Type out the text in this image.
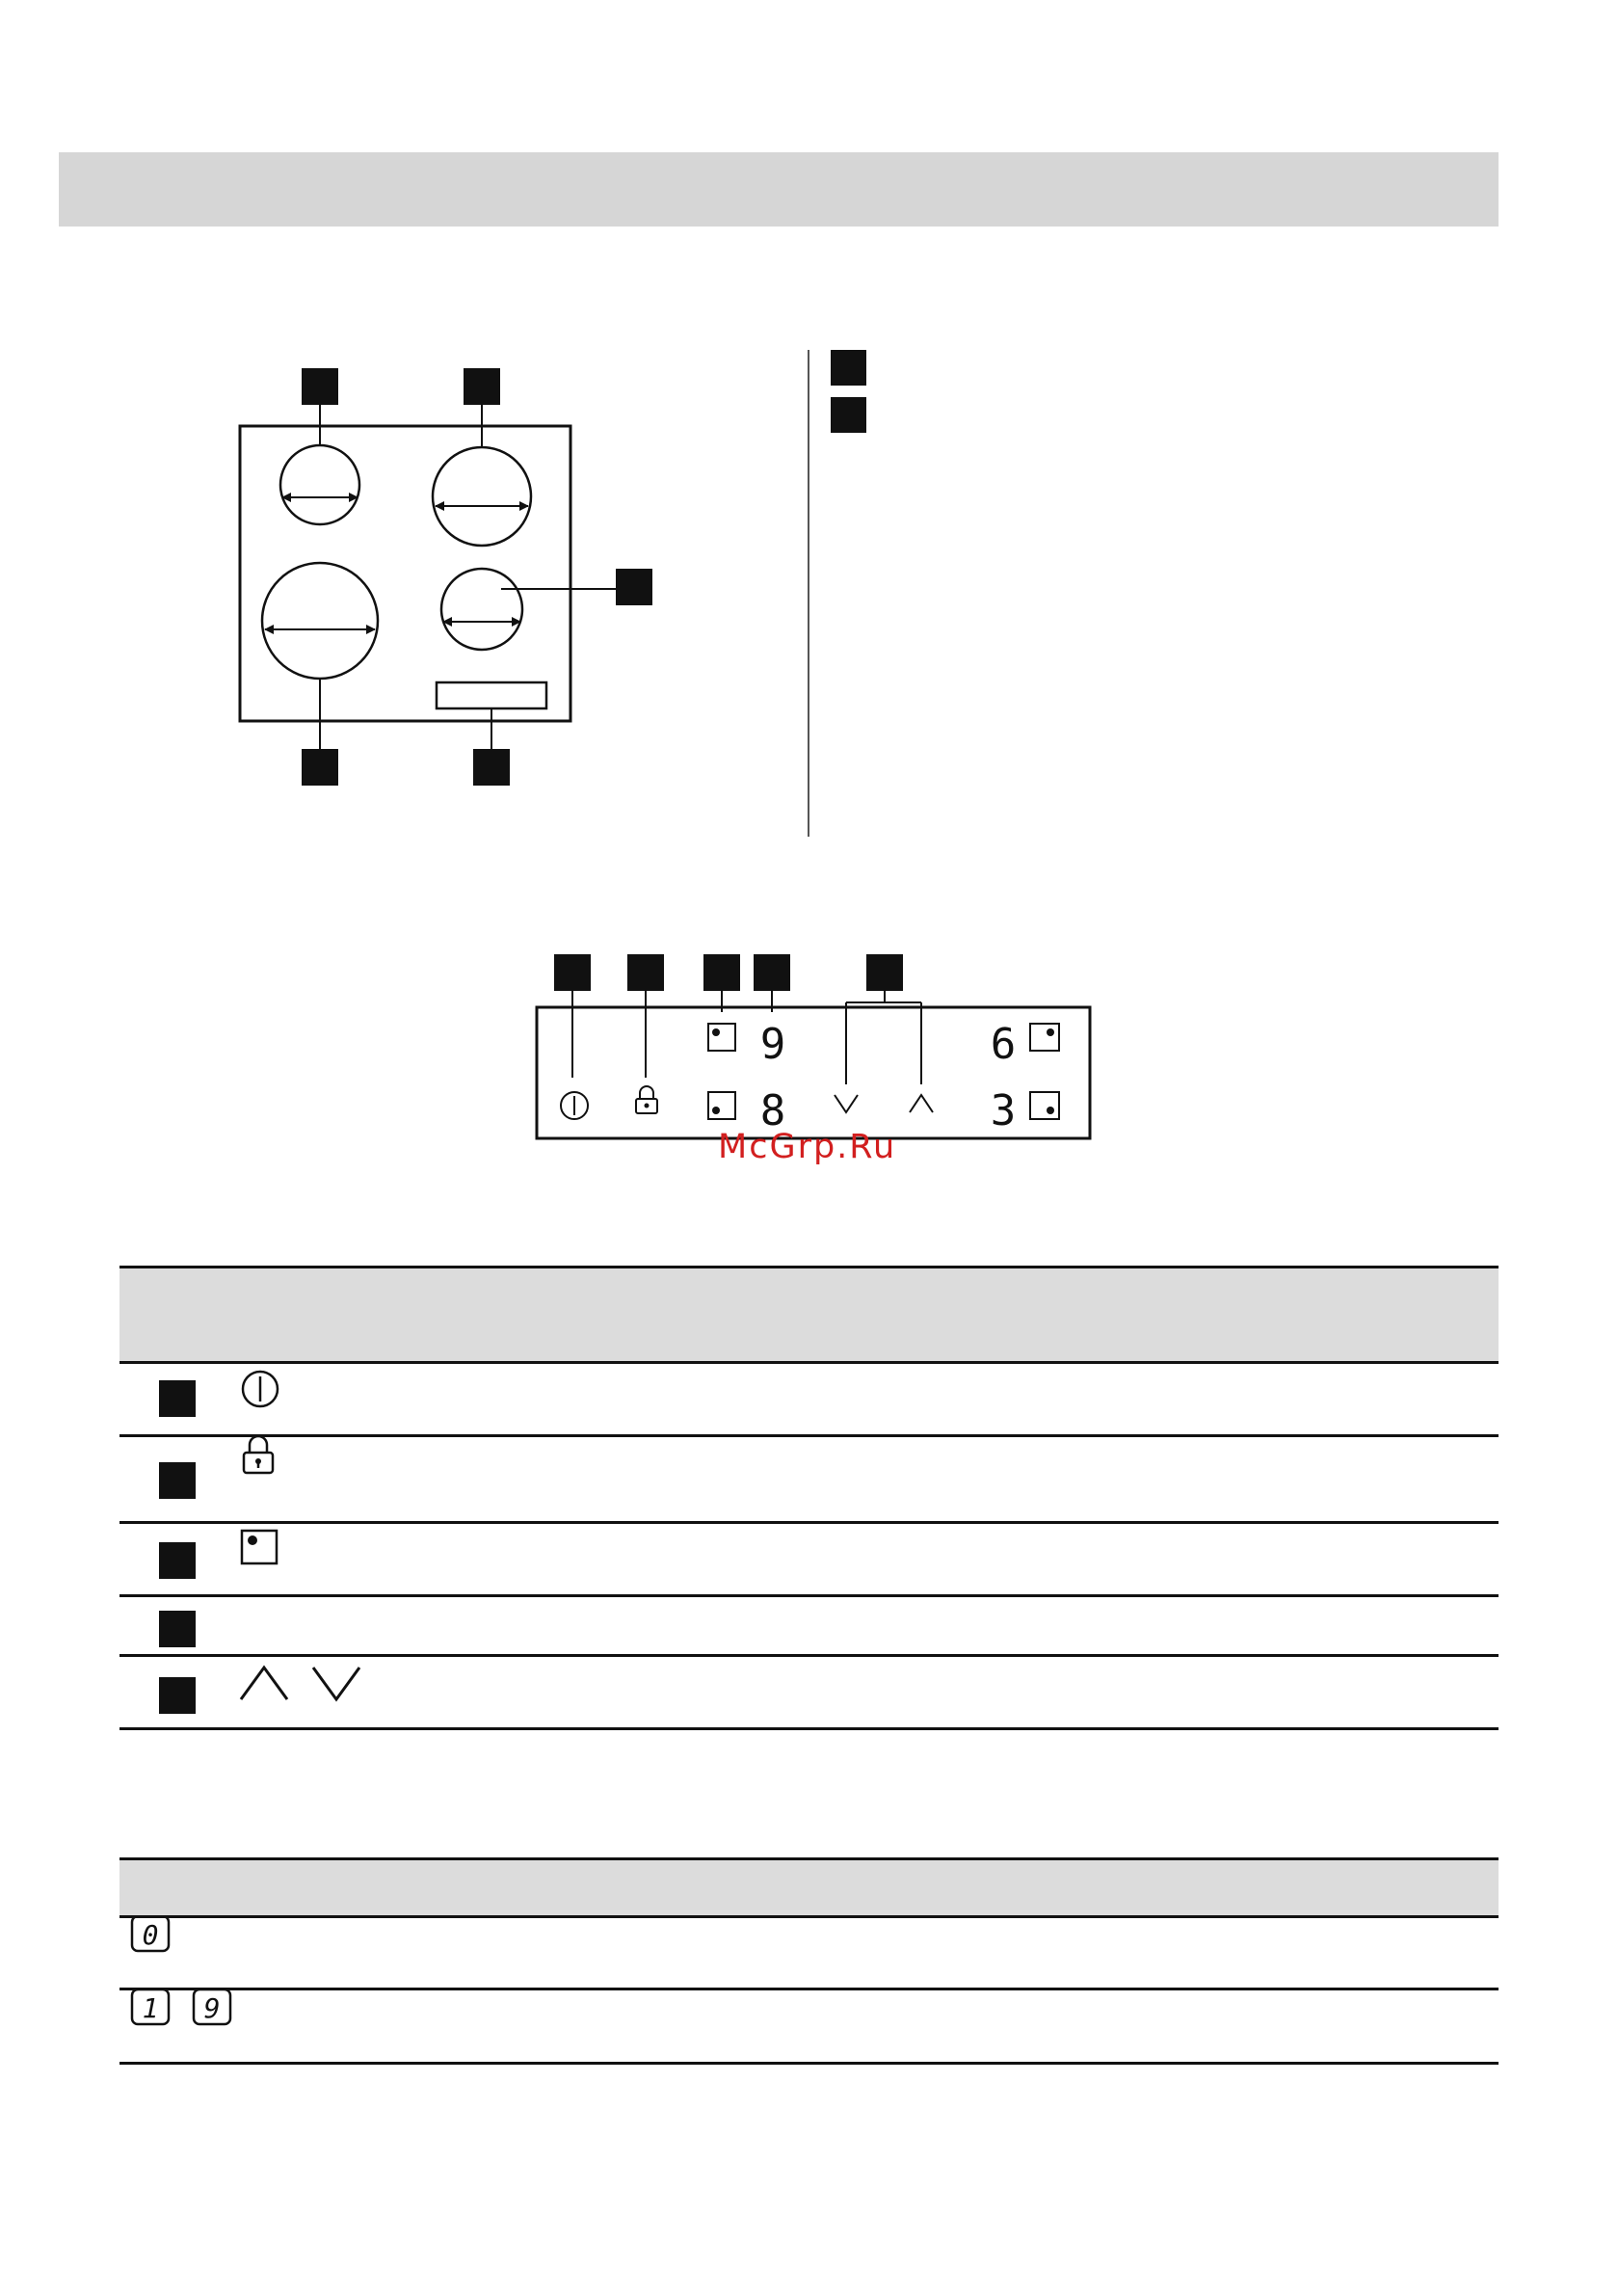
9
8
6
3
0
1 9
McGrp.Ru
